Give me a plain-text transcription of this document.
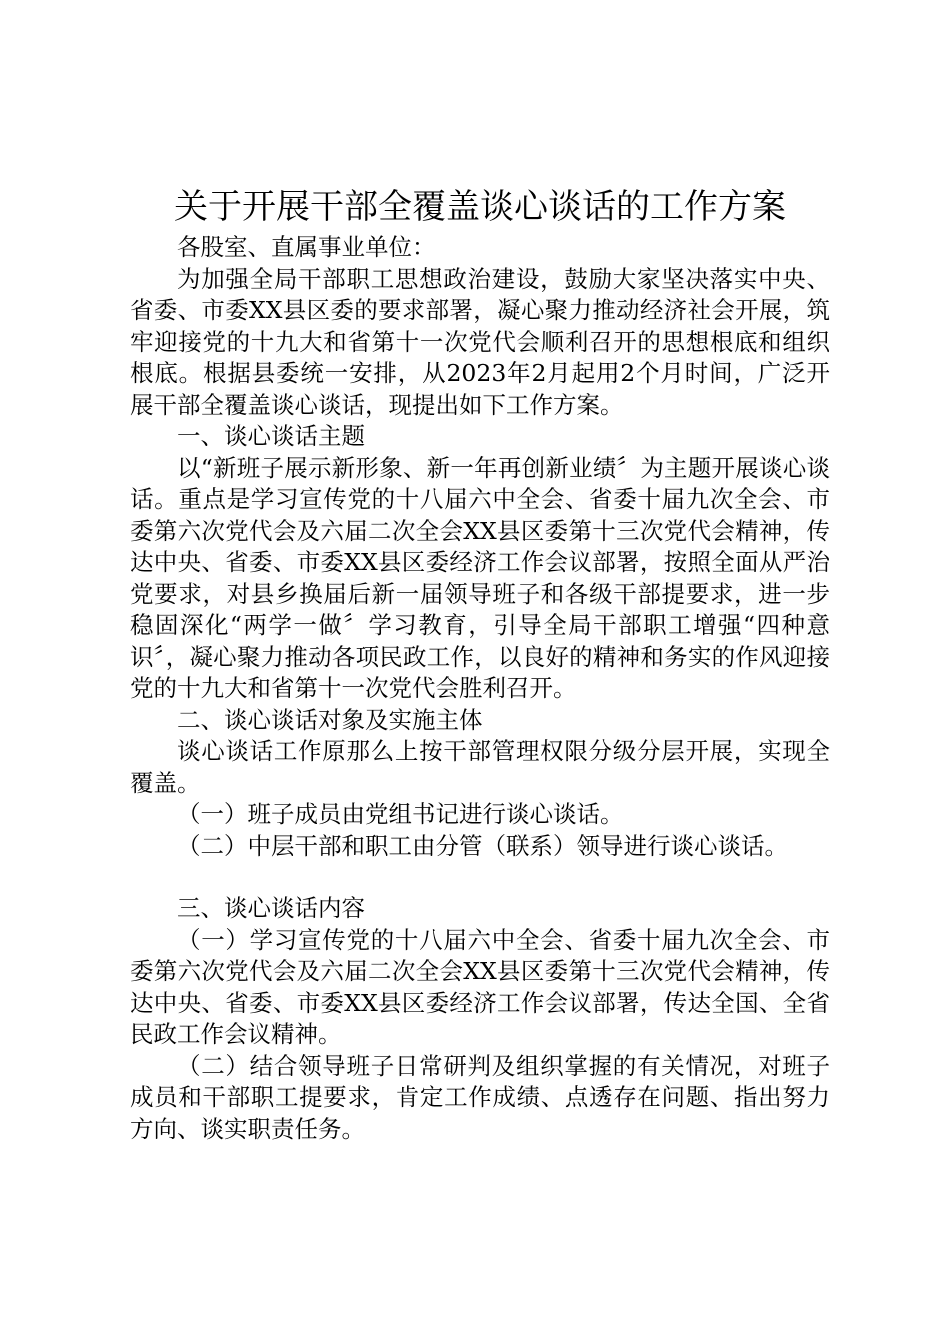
关于开展干部全覆盖谈心谈话的工作方案

各股室、直属事业单位：

为加强全局干部职工思想政治建设，鼓励大家坚决落实中央、省委、市委XX县区委的要求部署，凝心聚力推动经济社会开展，筑牢迎接党的十九大和省第十一次党代会顺利召开的思想根底和组织根底。根据县委统一安排，从2023年2月起用2个月时间，广泛开展干部全覆盖谈心谈话，现提出如下工作方案。

一、谈心谈话主题

以“新班子展示新形象、新一年再创新业绩〞为主题开展谈心谈话。重点是学习宣传党的十八届六中全会、省委十届九次全会、市委第六次党代会及六届二次全会XX县区委第十三次党代会精神，传达中央、省委、市委XX县区委经济工作会议部署，按照全面从严治党要求，对县乡换届后新一届领导班子和各级干部提要求，进一步稳固深化“两学一做〞学习教育，引导全局干部职工增强“四种意识〞，凝心聚力推动各项民政工作，以良好的精神和务实的作风迎接党的十九大和省第十一次党代会胜利召开。

二、谈心谈话对象及实施主体

谈心谈话工作原那么上按干部管理权限分级分层开展，实现全覆盖。

（一）班子成员由党组书记进行谈心谈话。

（二）中层干部和职工由分管（联系）领导进行谈心谈话。

三、谈心谈话内容

（一）学习宣传党的十八届六中全会、省委十届九次全会、市委第六次党代会及六届二次全会XX县区委第十三次党代会精神，传达中央、省委、市委XX县区委经济工作会议部署，传达全国、全省民政工作会议精神。

（二）结合领导班子日常研判及组织掌握的有关情况，对班子成员和干部职工提要求，肯定工作成绩、点透存在问题、指出努力方向、谈实职责任务。
